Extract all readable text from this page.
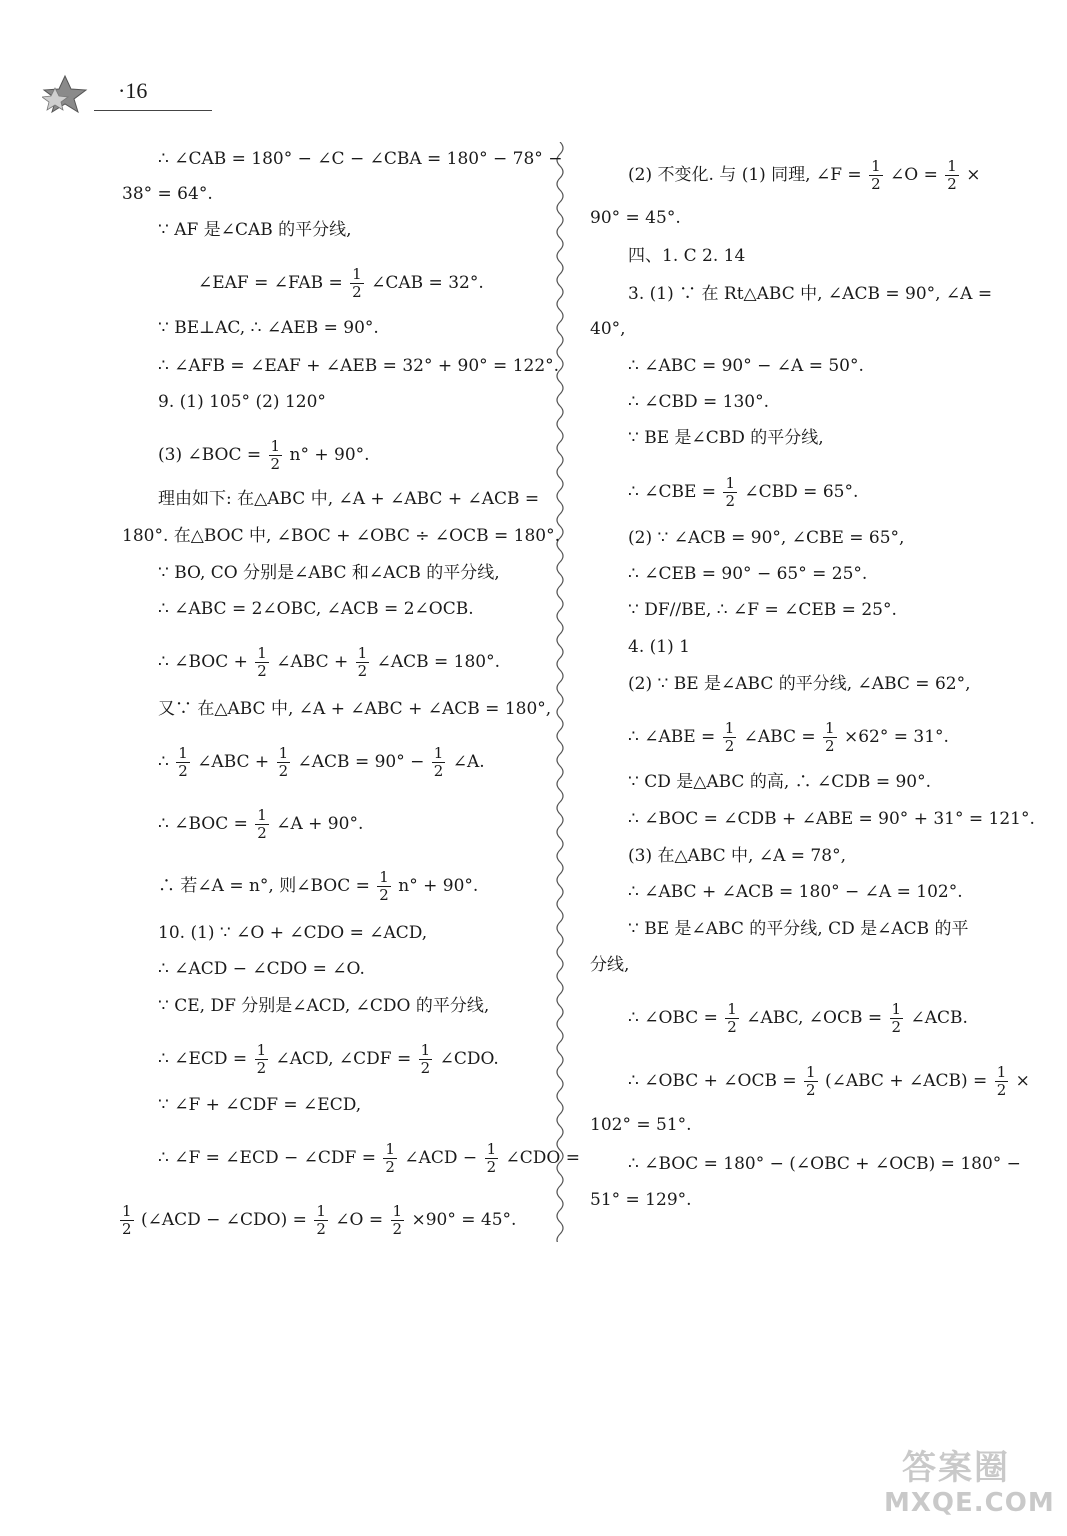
·16
∴ ∠CAB = 180° − ∠C − ∠CBA = 180° − 78° −
38° = 64°.
∵ AF 是∠CAB 的平分线,
∠EAF = ∠FAB = $\frac{1}{2}$ ∠CAB = 32°.
∵ BE⊥AC, ∴ ∠AEB = 90°.
∴ ∠AFB = ∠EAF + ∠AEB = 32° + 90° = 122°.
9. (1) 105° (2) 120°
(3) ∠BOC = $\frac{1}{2} n^\circ + 90^\circ$.
理由如下: 在△ABC 中, ∠A + ∠ABC + ∠ACB =
180°. 在△BOC 中, ∠BOC + ∠OBC ÷ ∠OCB = 180°.
∵ BO, CO 分别是∠ABC 和∠ACB 的平分线,
∴ ∠ABC = 2∠OBC, ∠ACB = 2∠OCB.
∴ ∠BOC + $\frac{1}{2}$ ∠ABC + $\frac{1}{2}$ ∠ACB = 180°.
又∵ 在△ABC 中, ∠A + ∠ABC + ∠ACB = 180°,
∴ $\frac{1}{2}$ ∠ABC + $\frac{1}{2}$ ∠ACB = $90^\circ - \frac{1}{2}$ ∠A.
∴ ∠BOC = $\frac{1}{2}$ ∠A + 90°.
∴ 若∠A = n°, 则∠BOC = $\frac{1}{2} n^\circ + 90^\circ$.
10. (1) ∵ ∠O + ∠CDO = ∠ACD,
∴ ∠ACD − ∠CDO = ∠O.
∵ CE, DF 分别是∠ACD, ∠CDO 的平分线,
∴ ∠ECD = $\frac{1}{2}$ ∠ACD, ∠CDF = $\frac{1}{2}$ ∠CDO.
∵ ∠F + ∠CDF = ∠ECD,
∴ ∠F = ∠ECD − ∠CDF = $\frac{1}{2}$ ∠ACD − $\frac{1}{2}$ ∠CDO =
$\frac{1}{2}$ (∠ACD − ∠CDO) = $\frac{1}{2}$ ∠O = $\frac{1}{2} \times 90^\circ = 45^\circ$.
(2) 不变化. 与 (1) 同理, ∠F = $\frac{1}{2}$ ∠O = $\frac{1}{2}$ ×
90° = 45°.
四、1. C 2. 14
3. (1) ∵ 在 Rt△ABC 中, ∠ACB = 90°, ∠A =
40°,
∴ ∠ABC = 90° − ∠A = 50°.
∴ ∠CBD = 130°.
∵ BE 是∠CBD 的平分线,
∴ ∠CBE = $\frac{1}{2}$ ∠CBD = 65°.
(2) ∵ ∠ACB = 90°, ∠CBE = 65°,
∴ ∠CEB = 90° − 65° = 25°.
∵ DF//BE, ∴ ∠F = ∠CEB = 25°.
4. (1) 1
(2) ∵ BE 是∠ABC 的平分线, ∠ABC = 62°,
∴ ∠ABE = $\frac{1}{2}$ ∠ABC = $\frac{1}{2} \times 62^\circ = 31^\circ$.
∵ CD 是△ABC 的高, ∴ ∠CDB = 90°.
∴ ∠BOC = ∠CDB + ∠ABE = 90° + 31° = 121°.
(3) 在△ABC 中, ∠A = 78°,
∴ ∠ABC + ∠ACB = 180° − ∠A = 102°.
∵ BE 是∠ABC 的平分线, CD 是∠ACB 的平
分线,
∴ ∠OBC = $\frac{1}{2}$ ∠ABC, ∠OCB = $\frac{1}{2}$ ∠ACB.
∴ ∠OBC + ∠OCB = $\frac{1}{2}$ (∠ABC + ∠ACB) = $\frac{1}{2}$ ×
102° = 51°.
∴ ∠BOC = 180° − (∠OBC + ∠OCB) = 180° −
51° = 129°.
答案圈
MXQE.COM
